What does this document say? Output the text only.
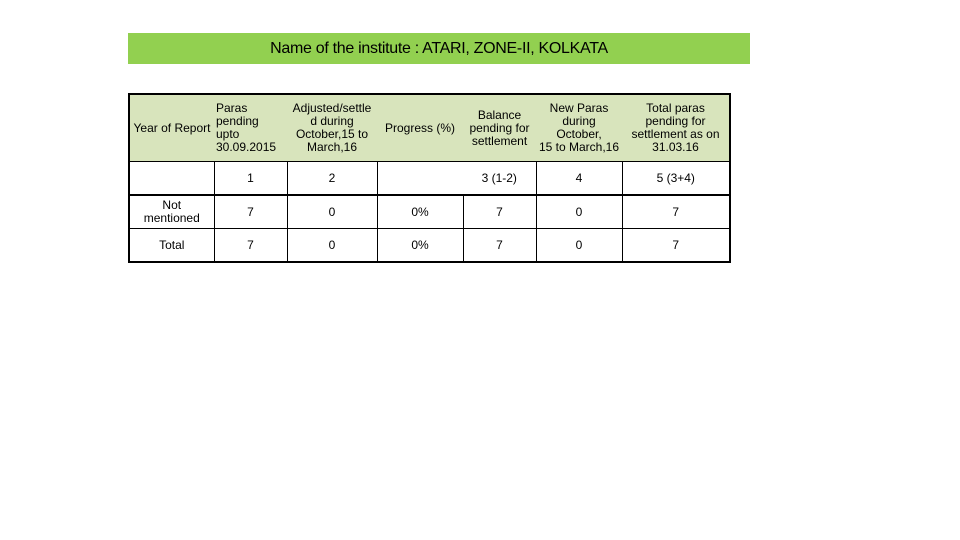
Name of the institute : ATARI, ZONE-II, KOLKATA
Year of Report	Paras
pending
upto
30.09.2015	Adjusted/settle
d during
October,15 to
March,16	Progress (%)	Balance
pending for
settlement	New Paras
during October,
15 to March,16	Total paras
pending for
settlement as on
31.03.16
	1	2		3 (1-2)	4	5 (3+4)
Not
mentioned	7	0	0%	7	0	7
Total	7	0	0%	7	0	7
